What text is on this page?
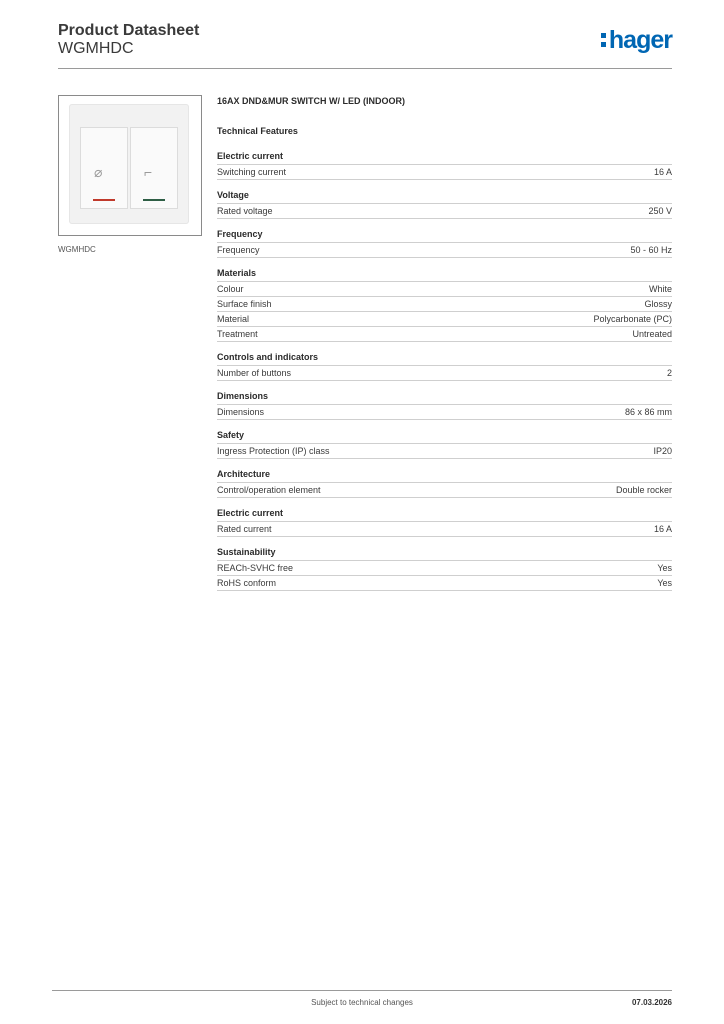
Product Datasheet
WGMHDC	hager
⌀	⌐
WGMHDC
16AX DND&MUR SWITCH W/ LED (INDOOR)
Technical Features
Electric current
Switching current	16 A
Voltage
Rated voltage	250 V
Frequency
Frequency	50 - 60 Hz
Materials
Colour	White
Surface finish	Glossy
Material	Polycarbonate (PC)
Treatment	Untreated
Controls and indicators
Number of buttons	2
Dimensions
Dimensions	86 x 86 mm
Safety
Ingress Protection (IP) class	IP20
Architecture
Control/operation element	Double rocker
Electric current
Rated current	16 A
Sustainability
REACh-SVHC free	Yes
RoHS conform	Yes
Subject to technical changes	07.03.2026
